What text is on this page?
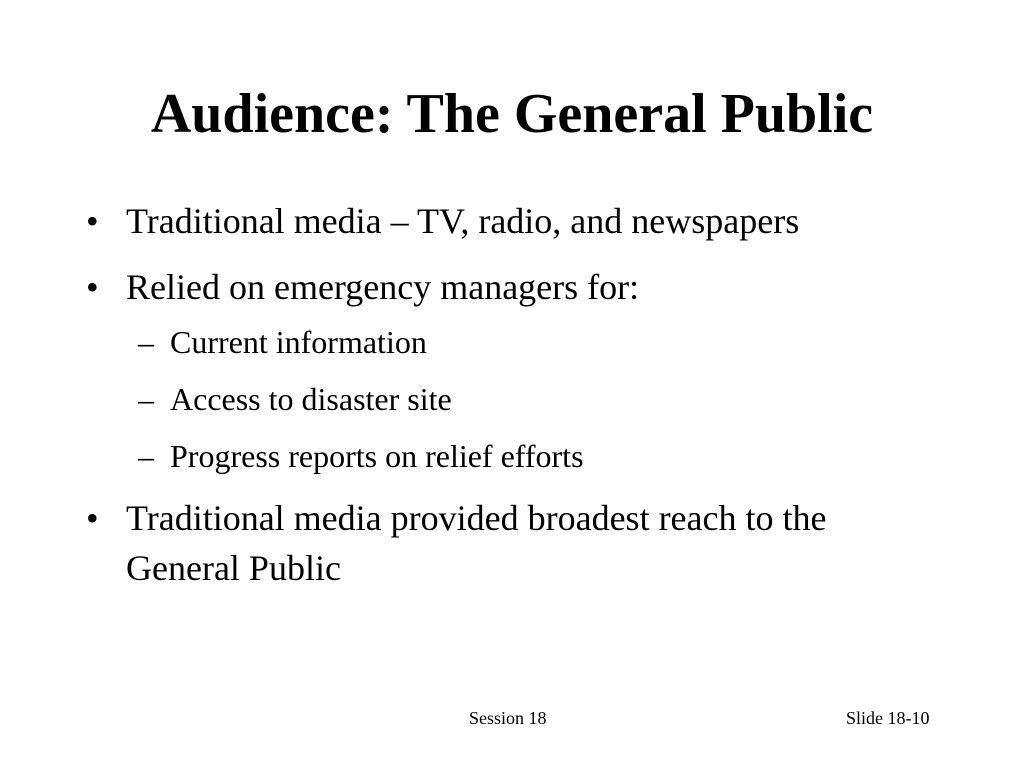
Audience: The General Public
• Traditional media – TV, radio, and newspapers
• Relied on emergency managers for:
– Current information
– Access to disaster site
– Progress reports on relief efforts
• Traditional media provided broadest reach to the General Public
Session 18	Slide 18-10
